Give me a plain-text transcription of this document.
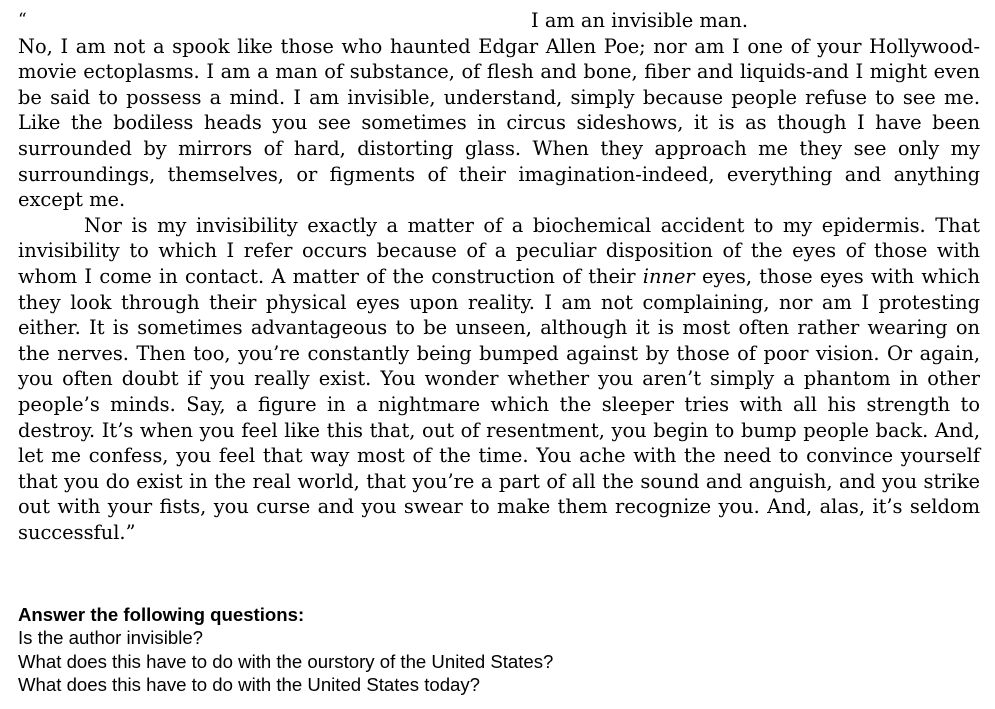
“	I am an invisible man.

No, I am not a spook like those who haunted Edgar Allen Poe; nor am I one of your Hollywood-movie ectoplasms. I am a man of substance, of flesh and bone, fiber and liquids-and I might even be said to possess a mind. I am invisible, understand, simply because people refuse to see me. Like the bodiless heads you see sometimes in circus sideshows, it is as though I have been surrounded by mirrors of hard, distorting glass. When they approach me they see only my surroundings, themselves, or figments of their imagination-indeed, everything and anything except me.

Nor is my invisibility exactly a matter of a biochemical accident to my epidermis. That invisibility to which I refer occurs because of a peculiar disposition of the eyes of those with whom I come in contact. A matter of the construction of their inner eyes, those eyes with which they look through their physical eyes upon reality. I am not complaining, nor am I protesting either. It is sometimes advantageous to be unseen, although it is most often rather wearing on the nerves. Then too, you’re constantly being bumped against by those of poor vision. Or again, you often doubt if you really exist. You wonder whether you aren’t simply a phantom in other people’s minds. Say, a figure in a nightmare which the sleeper tries with all his strength to destroy. It’s when you feel like this that, out of resentment, you begin to bump people back. And, let me confess, you feel that way most of the time. You ache with the need to convince yourself that you do exist in the real world, that you’re a part of all the sound and anguish, and you strike out with your fists, you curse and you swear to make them recognize you. And, alas, it’s seldom successful.”

Answer the following questions:
Is the author invisible?
What does this have to do with the ourstory of the United States?
What does this have to do with the United States today?
